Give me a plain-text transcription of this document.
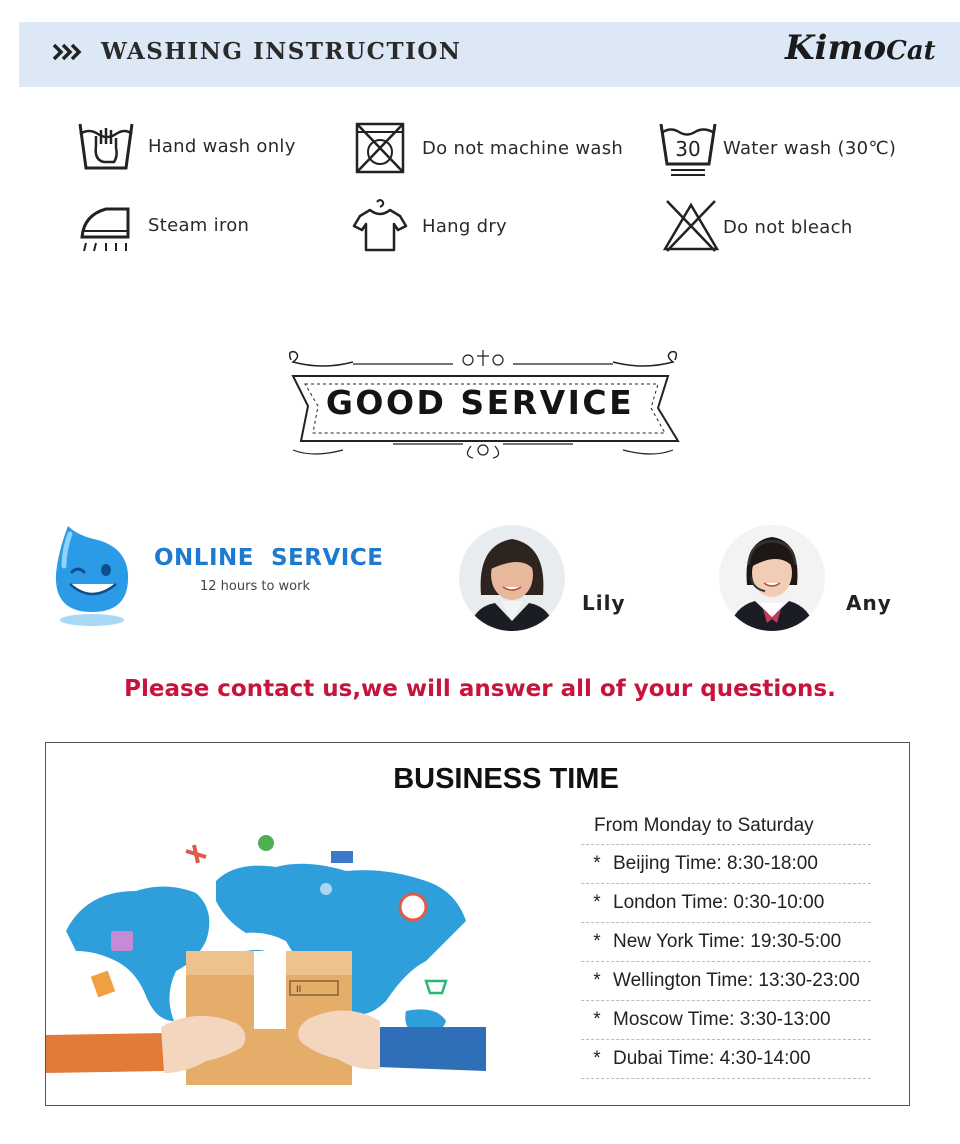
WASHING INSTRUCTION	KimoCat
Hand wash only	Do not machine wash	30 Water wash (30℃)
Steam iron	Hang dry	Do not bleach
GOOD SERVICE
ONLINE  SERVICE
12 hours to work
Lily	Any
Please contact us,we will answer all of your questions.
BUSINESS TIME
II
From Monday to Saturday
* Beijing Time: 8:30-18:00
* London Time: 0:30-10:00
* New York Time: 19:30-5:00
* Wellington Time: 13:30-23:00
* Moscow Time: 3:30-13:00
* Dubai Time: 4:30-14:00
